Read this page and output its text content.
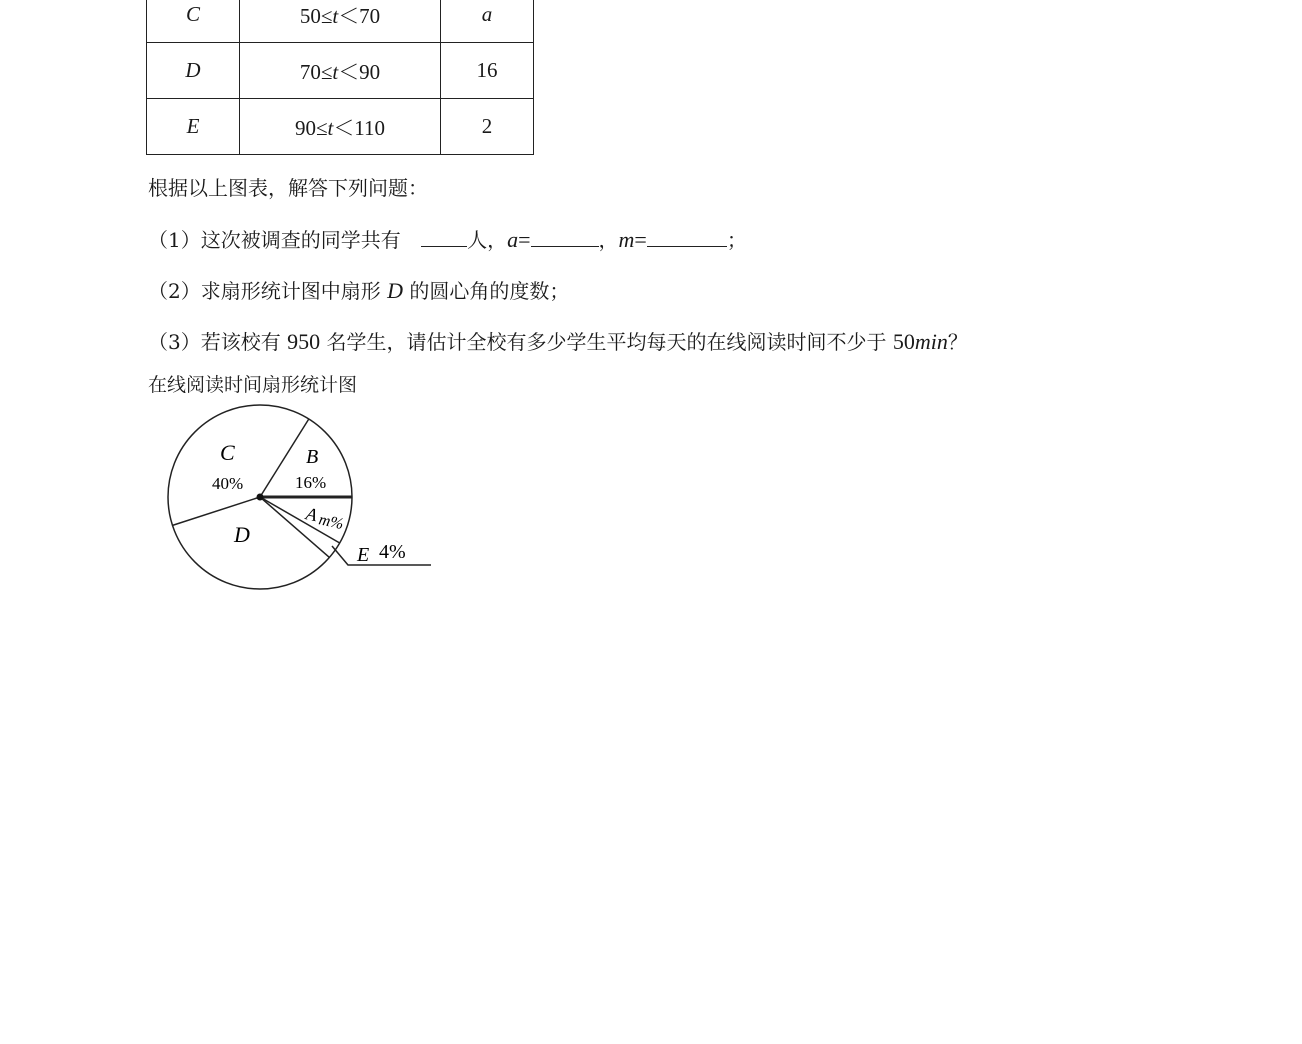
C	50≤t＜70	a
D	70≤t＜90	16
E	90≤t＜110	2
根据以上图表，解答下列问题：
（1）这次被调查的同学共有	人，a=	，m=	；
（2）求扇形统计图中扇形 D 的圆心角的度数；
（3）若该校有 950 名学生，请估计全校有多少学生平均每天的在线阅读时间不少于 50min？
在线阅读时间扇形统计图
C
40%
B
16%
A
m%
D
E 4%
